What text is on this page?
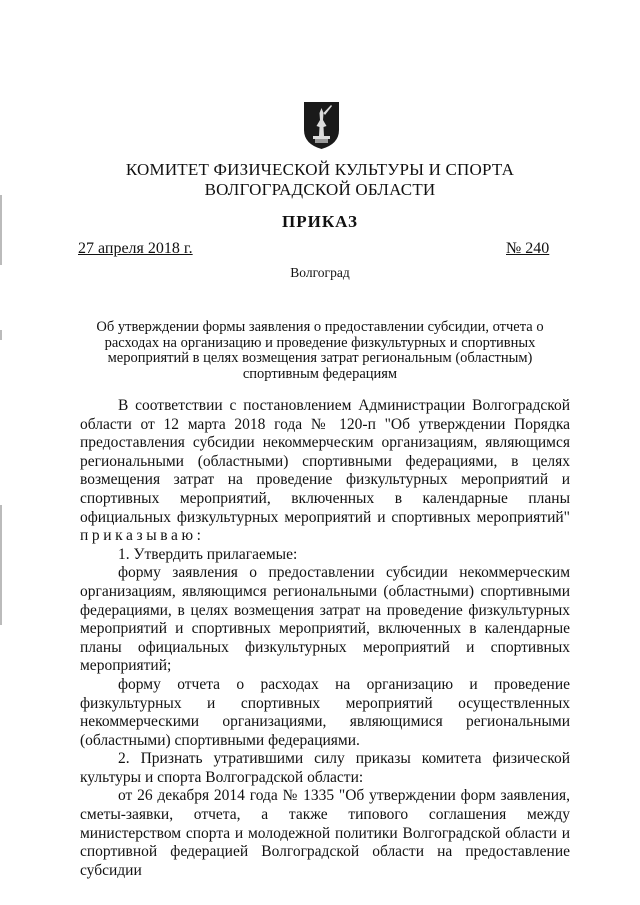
КОМИТЕТ ФИЗИЧЕСКОЙ КУЛЬТУРЫ И СПОРТА
ВОЛГОГРАДСКОЙ ОБЛАСТИ
ПРИКАЗ
27 апреля 2018 г.	№ 240
Волгоград
Об утверждении формы заявления о предоставлении субсидии, отчета о расходах на организацию и проведение физкультурных и спортивных мероприятий в целях возмещения затрат региональным (областным) спортивным федерациям

В соответствии с постановлением Администрации Волгоградской области от 12 марта 2018 года № 120-п "Об утверждении Порядка предоставления субсидии некоммерческим организациям, являющимся региональными (областными) спортивными федерациями, в целях возмещения затрат на проведение физкультурных мероприятий и спортивных мероприятий, включенных в календарные планы официальных физкультурных мероприятий и спортивных мероприятий" приказываю:

1. Утвердить прилагаемые:

форму заявления о предоставлении субсидии некоммерческим организациям, являющимся региональными (областными) спортивными федерациями, в целях возмещения затрат на проведение физкультурных мероприятий и спортивных мероприятий, включенных в календарные планы официальных физкультурных мероприятий и спортивных мероприятий;

форму отчета о расходах на организацию и проведение физкультурных и спортивных мероприятий осуществленных некоммерческими организациями, являющимися региональными (областными) спортивными федерациями.

2. Признать утратившими силу приказы комитета физической культуры и спорта Волгоградской области:

от 26 декабря 2014 года № 1335 "Об утверждении форм заявления, сметы-заявки, отчета, а также типового соглашения между министерством спорта и молодежной политики Волгоградской области и спортивной федерацией Волгоградской области на предоставление субсидии
